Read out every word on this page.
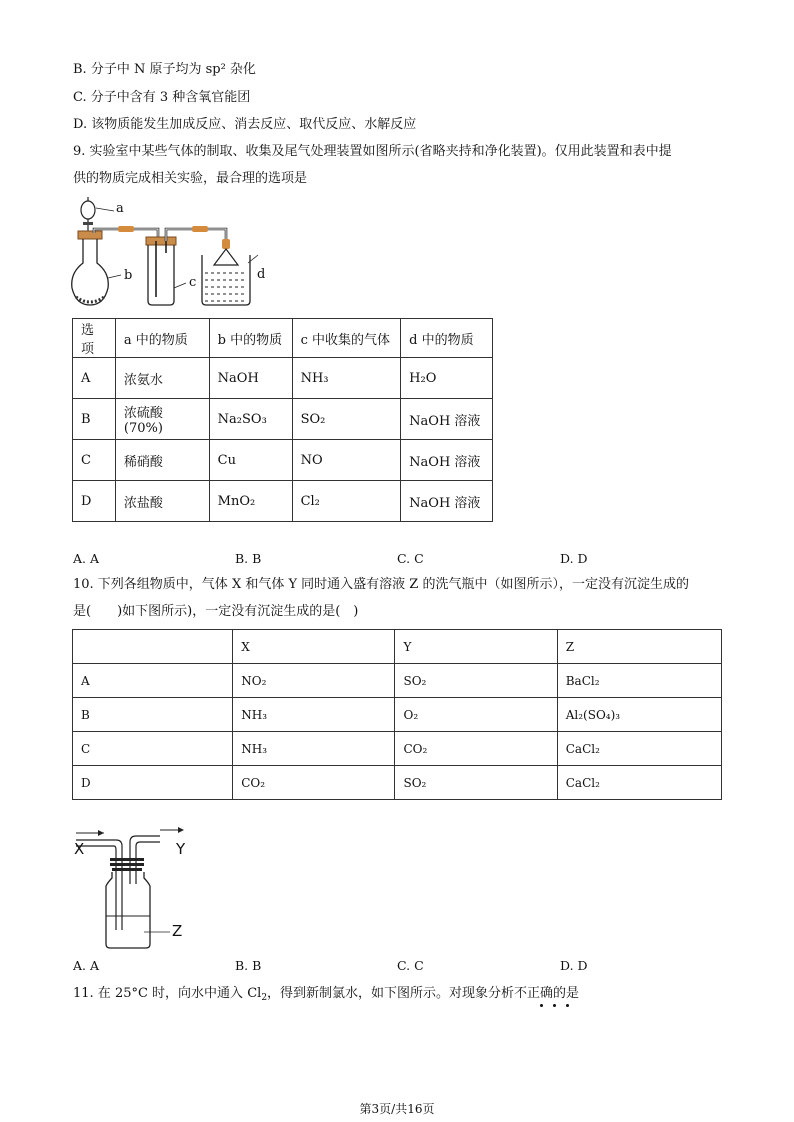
B. 分子中 N 原子均为 sp² 杂化
C. 分子中含有 3 种含氧官能团
D. 该物质能发生加成反应、消去反应、取代反应、水解反应
9. 实验室中某些气体的制取、收集及尾气处理装置如图所示(省略夹持和净化装置)。仅用此装置和表中提
供的物质完成相关实验，最合理的选项是
a
b	c
d
选项	a 中的物质	b 中的物质	c 中收集的气体	d 中的物质
A	浓氨水	NaOH	NH₃	H₂O
B	浓硫酸(70%)	Na₂SO₃	SO₂	NaOH 溶液
C	稀硝酸	Cu	NO	NaOH 溶液
D	浓盐酸	MnO₂	Cl₂	NaOH 溶液
A. A	B. B	C. C	D. D
10. 下列各组物质中，气体 X 和气体 Y 同时通入盛有溶液 Z 的洗气瓶中（如图所示），一定没有沉淀生成的
是(　　)如下图所示)，一定没有沉淀生成的是(　)
	X	Y	Z
A	NO₂	SO₂	BaCl₂
B	NH₃	O₂	Al₂(SO₄)₃
C	NH₃	CO₂	CaCl₂
D	CO₂	SO₂	CaCl₂
X	Y
Z
A. A	B. B	C. C	D. D
11. 在 25°C 时，向水中通入 $Cl_2$，得到新制氯水，如下图所示。对现象分析不正确的是
第3页/共16页
